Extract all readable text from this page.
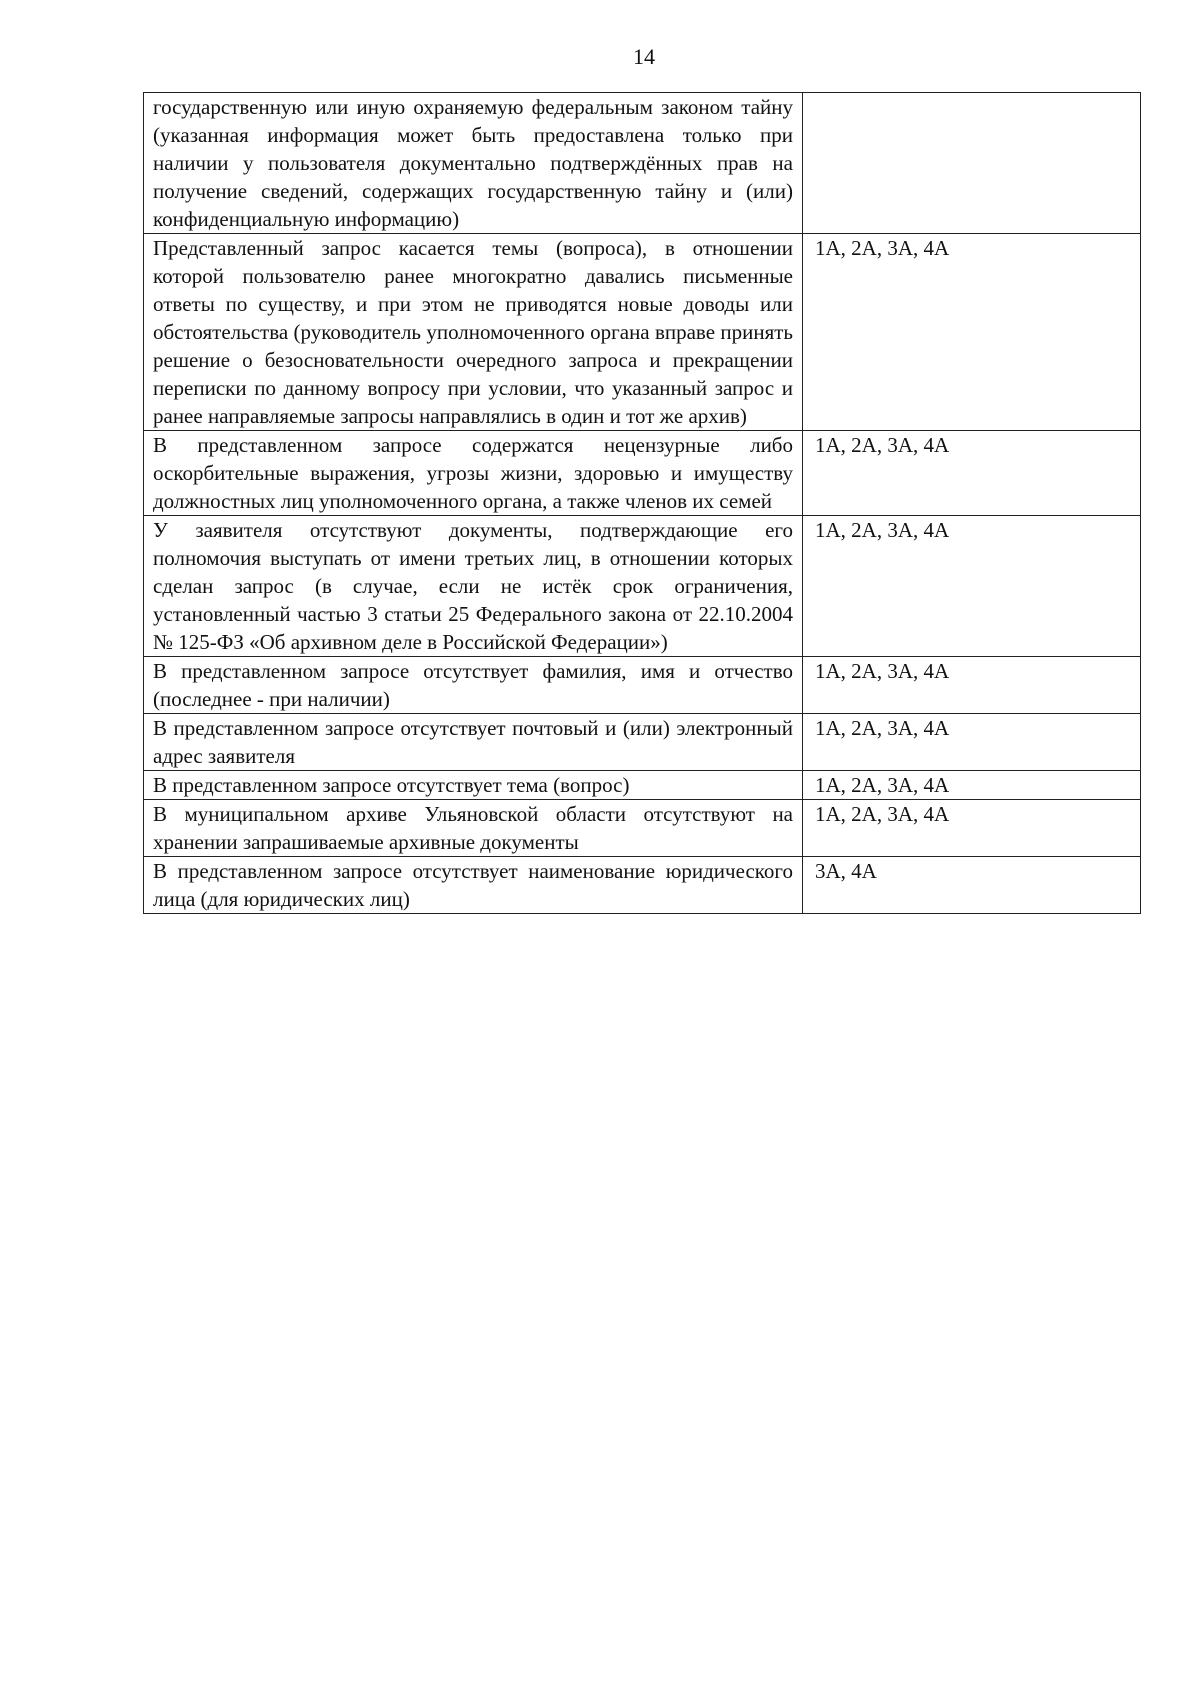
14
государственную или иную охраняемую федеральным законом тайну (указанная информация может быть предоставлена только при наличии у пользователя документально подтверждённых прав на получение сведений, содержащих государственную тайну и (или) конфиденциальную информацию)	
Представленный запрос касается темы (вопроса), в отношении которой пользователю ранее многократно давались письменные ответы по существу, и при этом не приводятся новые доводы или обстоятельства (руководитель уполномоченного органа вправе принять решение о безосновательности очередного запроса и прекращении переписки по данному вопросу при условии, что указанный запрос и ранее направляемые запросы направлялись в один и тот же архив)	1А, 2А, 3А, 4А
В представленном запросе содержатся нецензурные либо оскорбительные выражения, угрозы жизни, здоровью и имуществу должностных лиц уполномоченного органа, а также членов их семей	1А, 2А, 3А, 4А
У заявителя отсутствуют документы, подтверждающие его полномочия выступать от имени третьих лиц, в отношении которых сделан запрос (в случае, если не истёк срок ограничения, установленный частью 3 статьи 25 Федерального закона от 22.10.2004 № 125-ФЗ «Об архивном деле в Российской Федерации»)	1А, 2А, 3А, 4А
В представленном запросе отсутствует фамилия, имя и отчество (последнее - при наличии)	1А, 2А, 3А, 4А
В представленном запросе отсутствует почтовый и (или) электронный адрес заявителя	1А, 2А, 3А, 4А
В представленном запросе отсутствует тема (вопрос)	1А, 2А, 3А, 4А
В муниципальном архиве Ульяновской области отсутствуют на хранении запрашиваемые архивные документы	1А, 2А, 3А, 4А
В представленном запросе отсутствует наименование юридического лица (для юридических лиц)	3А, 4А
